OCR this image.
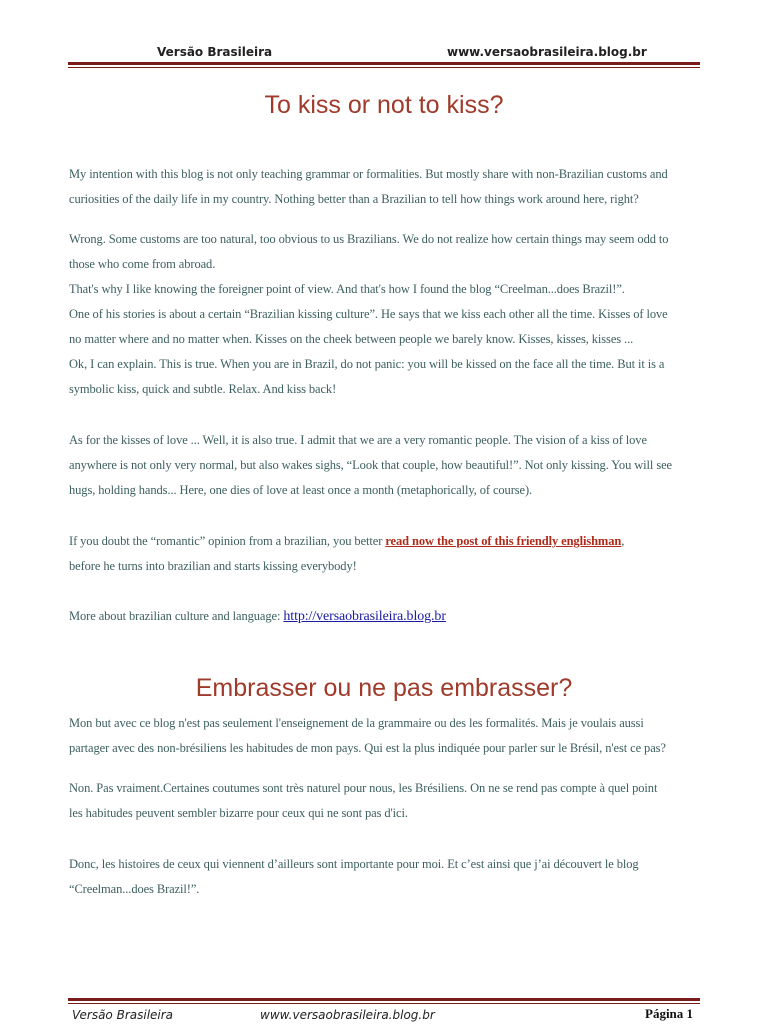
Versão Brasileira	www.versaobrasileira.blog.br
To kiss or not to kiss?
My intention with this blog is not only teaching grammar or formalities. But mostly share with non-Brazilian customs and
curiosities of the daily life in my country. Nothing better than a Brazilian to tell how things work around here, right?
Wrong. Some customs are too natural, too obvious to us Brazilians. We do not realize how certain things may seem odd to
those who come from abroad.
That's why I like knowing the foreigner point of view. And that's how I found the blog “Creelman...does Brazil!”.
One of his stories is about a certain “Brazilian kissing culture”. He says that we kiss each other all the time. Kisses of love
no matter where and no matter when. Kisses on the cheek between people we barely know. Kisses, kisses, kisses ...
Ok, I can explain. This is true. When you are in Brazil, do not panic: you will be kissed on the face all the time. But it is a
symbolic kiss, quick and subtle. Relax. And kiss back!
As for the kisses of love ... Well, it is also true. I admit that we are a very romantic people. The vision of a kiss of love
anywhere is not only very normal, but also wakes sighs, “Look that couple, how beautiful!”. Not only kissing. You will see
hugs, holding hands... Here, one dies of love at least once a month (metaphorically, of course).
If you doubt the “romantic” opinion from a brazilian, you better read now the post of this friendly englishman,
before he turns into brazilian and starts kissing everybody!
More about brazilian culture and language: http://versaobrasileira.blog.br
Embrasser ou ne pas embrasser?
Mon but avec ce blog n'est pas seulement l'enseignement de la grammaire ou des les formalités. Mais je voulais aussi
partager avec des non-brésiliens les habitudes de mon pays. Qui est la plus indiquée pour parler sur le Brésil, n'est ce pas?
Non. Pas vraiment.Certaines coutumes sont très naturel pour nous, les Brésiliens. On ne se rend pas compte à quel point
les habitudes peuvent sembler bizarre pour ceux qui ne sont pas d'ici.
Donc, les histoires de ceux qui viennent d’ailleurs sont importante pour moi. Et c’est ainsi que j’ai découvert le blog
“Creelman...does Brazil!”.
Versão Brasileira	www.versaobrasileira.blog.br	Página 1
